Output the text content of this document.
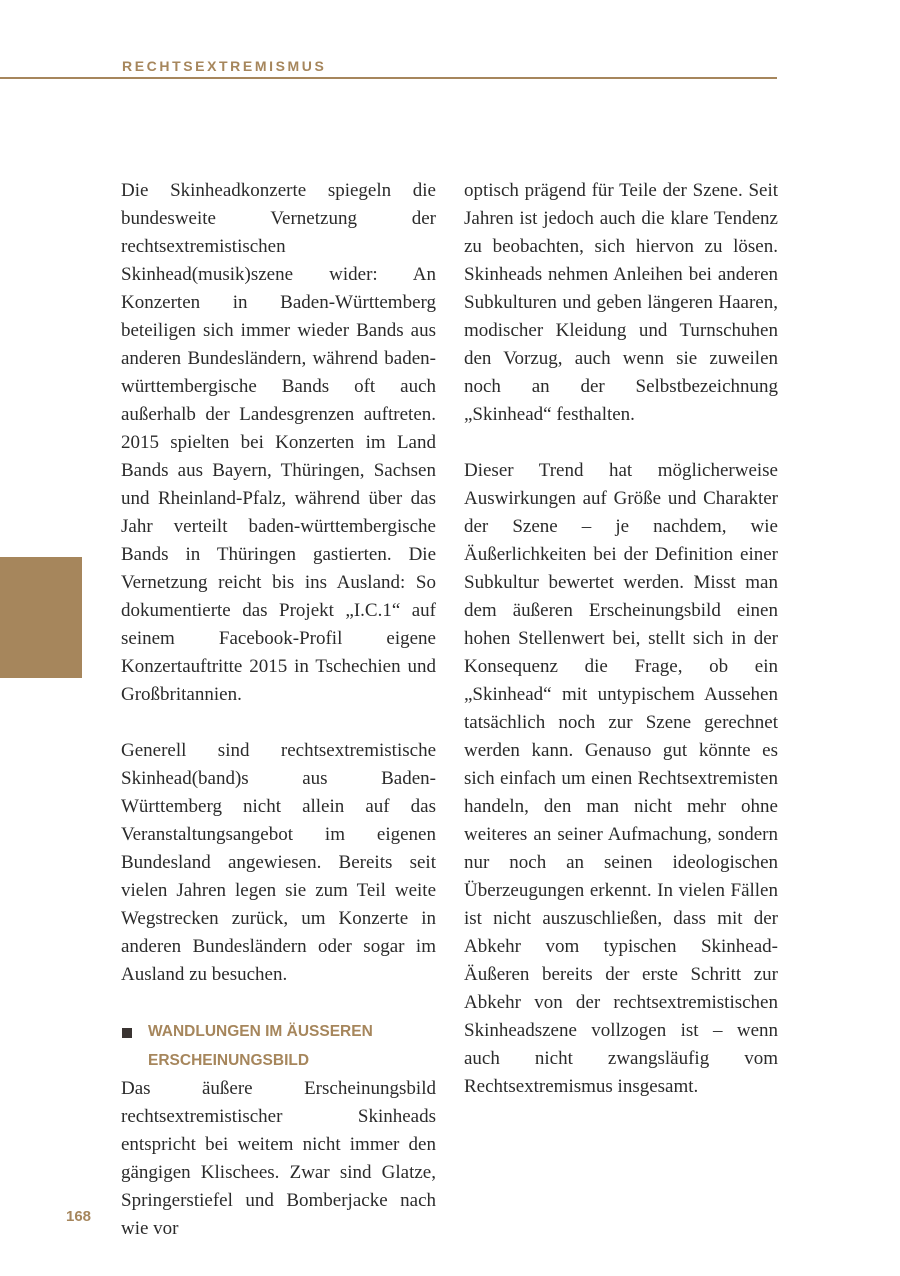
RECHTSEXTREMISMUS

Die Skinheadkonzerte spiegeln die bundesweite Vernetzung der rechtsextremistischen Skinhead(musik)szene wider: An Konzerten in Baden-Württemberg beteiligen sich immer wieder Bands aus anderen Bundesländern, während baden-württembergische Bands oft auch außerhalb der Landesgrenzen auftreten. 2015 spielten bei Konzerten im Land Bands aus Bayern, Thüringen, Sachsen und Rheinland-Pfalz, während über das Jahr verteilt baden-württembergische Bands in Thüringen gastierten. Die Vernetzung reicht bis ins Ausland: So dokumentierte das Projekt „I.C.1“ auf seinem Facebook-Profil eigene Konzertauftritte 2015 in Tschechien und Großbritannien.

Generell sind rechtsextremistische Skinhead(band)s aus Baden-Württemberg nicht allein auf das Veranstaltungsangebot im eigenen Bundesland angewiesen. Bereits seit vielen Jahren legen sie zum Teil weite Wegstrecken zurück, um Konzerte in anderen Bundesländern oder sogar im Ausland zu besuchen.

WANDLUNGEN IM ÄUSSEREN ERSCHEINUNGSBILD

Das äußere Erscheinungsbild rechtsextremistischer Skinheads entspricht bei weitem nicht immer den gängigen Klischees. Zwar sind Glatze, Springerstiefel und Bomberjacke nach wie vor

optisch prägend für Teile der Szene. Seit Jahren ist jedoch auch die klare Tendenz zu beobachten, sich hiervon zu lösen. Skinheads nehmen Anleihen bei anderen Subkulturen und geben längeren Haaren, modischer Kleidung und Turnschuhen den Vorzug, auch wenn sie zuweilen noch an der Selbstbezeichnung „Skinhead“ festhalten.

Dieser Trend hat möglicherweise Auswirkungen auf Größe und Charakter der Szene – je nachdem, wie Äußerlichkeiten bei der Definition einer Subkultur bewertet werden. Misst man dem äußeren Erscheinungsbild einen hohen Stellenwert bei, stellt sich in der Konsequenz die Frage, ob ein „Skinhead“ mit untypischem Aussehen tatsächlich noch zur Szene gerechnet werden kann. Genauso gut könnte es sich einfach um einen Rechtsextremisten handeln, den man nicht mehr ohne weiteres an seiner Aufmachung, sondern nur noch an seinen ideologischen Überzeugungen erkennt. In vielen Fällen ist nicht auszuschließen, dass mit der Abkehr vom typischen Skinhead-Äußeren bereits der erste Schritt zur Abkehr von der rechtsextremistischen Skinheadszene vollzogen ist – wenn auch nicht zwangsläufig vom Rechtsextremismus insgesamt.

168
